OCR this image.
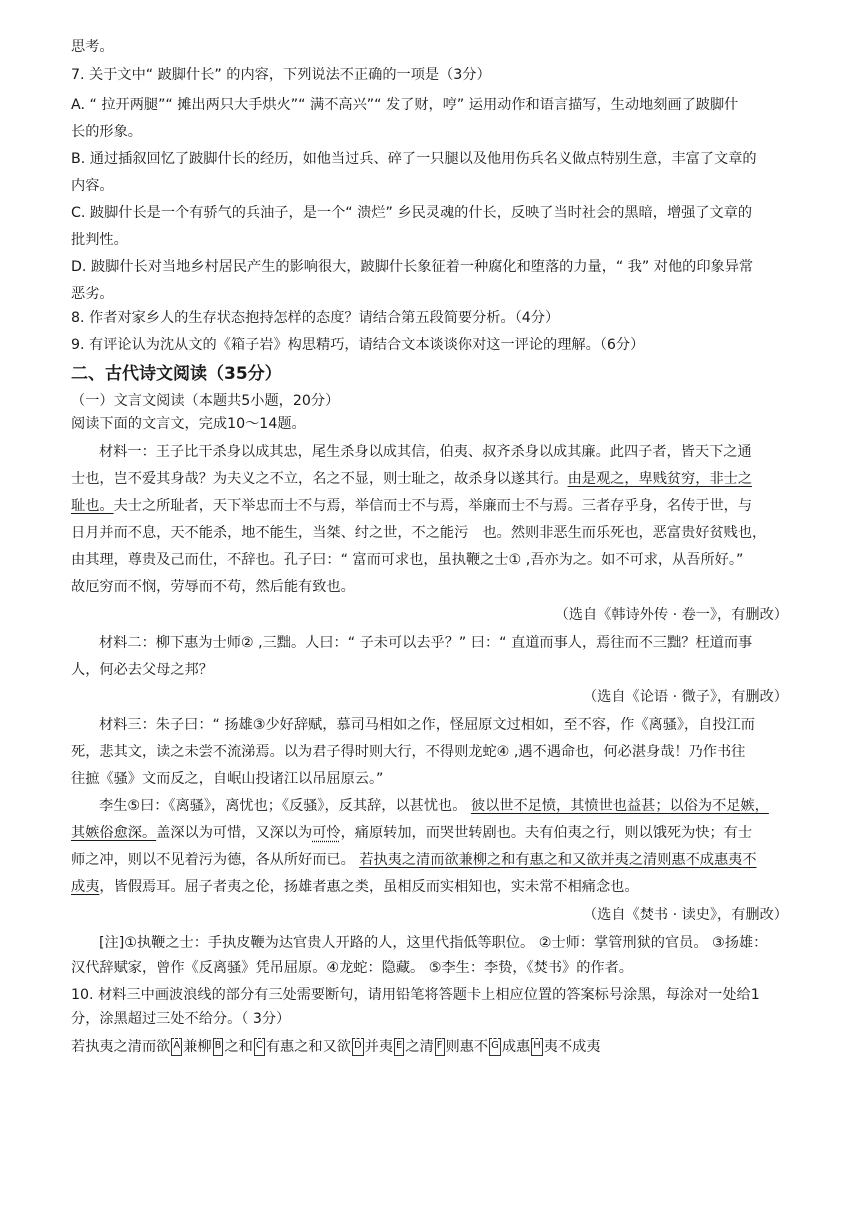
思考。
7. 关于文中“ 跛脚什长” 的内容，下列说法不正确的一项是（3分）
A. “ 拉开两腿”“ 摊出两只大手烘火”“ 满不高兴”“ 发了财，哼” 运用动作和语言描写，生动地刻画了跛脚什
长的形象。
B. 通过插叙回忆了跛脚什长的经历，如他当过兵、碎了一只腿以及他用伤兵名义做点特别生意，丰富了文章的
内容。
C. 跛脚什长是一个有骄气的兵油子，是一个“ 溃烂” 乡民灵魂的什长，反映了当时社会的黑暗，增强了文章的
批判性。
D. 跛脚什长对当地乡村居民产生的影响很大，跛脚什长象征着一种腐化和堕落的力量，“ 我” 对他的印象异常
恶劣。
8. 作者对家乡人的生存状态抱持怎样的态度？请结合第五段简要分析。（4分）
9. 有评论认为沈从文的《箱子岩》构思精巧，请结合文本谈谈你对这一评论的理解。（6分）
二、古代诗文阅读（35分）
（一）文言文阅读（本题共5小题，20分）
阅读下面的文言文，完成10～14题。
材料一：王子比干杀身以成其忠，尾生杀身以成其信，伯夷、叔齐杀身以成其廉。此四子者，皆天下之通
士也，岂不爱其身哉？为夫义之不立，名之不显，则士耻之，故杀身以遂其行。由是观之，卑贱贫穷，非士之
耻也。夫士之所耻者，天下举忠而士不与焉，举信而士不与焉，举廉而士不与焉。三者存乎身，名传于世，与
日月并而不息，天不能杀，地不能生，当桀、纣之世，不之能污　也。然则非恶生而乐死也，恶富贵好贫贱也，
由其理，尊贵及己而仕，不辞也。孔子曰：“ 富而可求也，虽执鞭之士① ,吾亦为之。如不可求，从吾所好。”
故厄穷而不悯，劳辱而不苟，然后能有致也。
（选自《韩诗外传 · 卷一》，有删改）
材料二：柳下惠为士师② ,三黜。人曰：“ 子未可以去乎？” 曰：“ 直道而事人，焉往而不三黜？枉道而事
人，何必去父母之邦？
（选自《论语 · 微子》，有删改）
材料三：朱子曰：“ 扬雄③少好辞赋，慕司马相如之作，怪屈原文过相如，至不容，作《离骚》，自投江而
死，悲其文，读之未尝不流涕焉。以为君子得时则大行，不得则龙蛇④ ,遇不遇命也，何必湛身哉！乃作书往
往摭《骚》文而反之，自岷山投诸江以吊屈原云。”
李生⑤曰：《离骚》，离忧也；《反骚》，反其辞，以甚忧也。 彼以世不足愤，其愤世也益甚；以俗为不足嫉，
其嫉俗愈深。盖深以为可惜，又深以为可怜，痛原转加，而哭世转剧也。夫有伯夷之行，则以饿死为快；有士
师之冲，则以不见着污为德，各从所好而已。 若执夷之清而欲兼柳之和有惠之和又欲并夷之清则惠不成惠夷不
成夷，皆假焉耳。屈子者夷之伦，扬雄者惠之类，虽相反而实相知也，实未常不相痛念也。
（选自《焚书 · 读史》，有删改）
[注]①执鞭之士：手执皮鞭为达官贵人开路的人，这里代指低等职位。 ②士师：掌管刑狱的官员。 ③扬雄：
汉代辞赋家，曾作《反离骚》凭吊屈原。④龙蛇：隐藏。 ⑤李生：李贽，《焚书》的作者。
10. 材料三中画波浪线的部分有三处需要断句，请用铅笔将答题卡上相应位置的答案标号涂黑，每涂对一处给1
分，涂黑超过三处不给分。（ 3分）
若执夷之清而欲 A 兼柳 B 之和 C 有惠之和又欲 D 并夷 E 之清 F 则惠不 G 成惠 H 夷不成夷
